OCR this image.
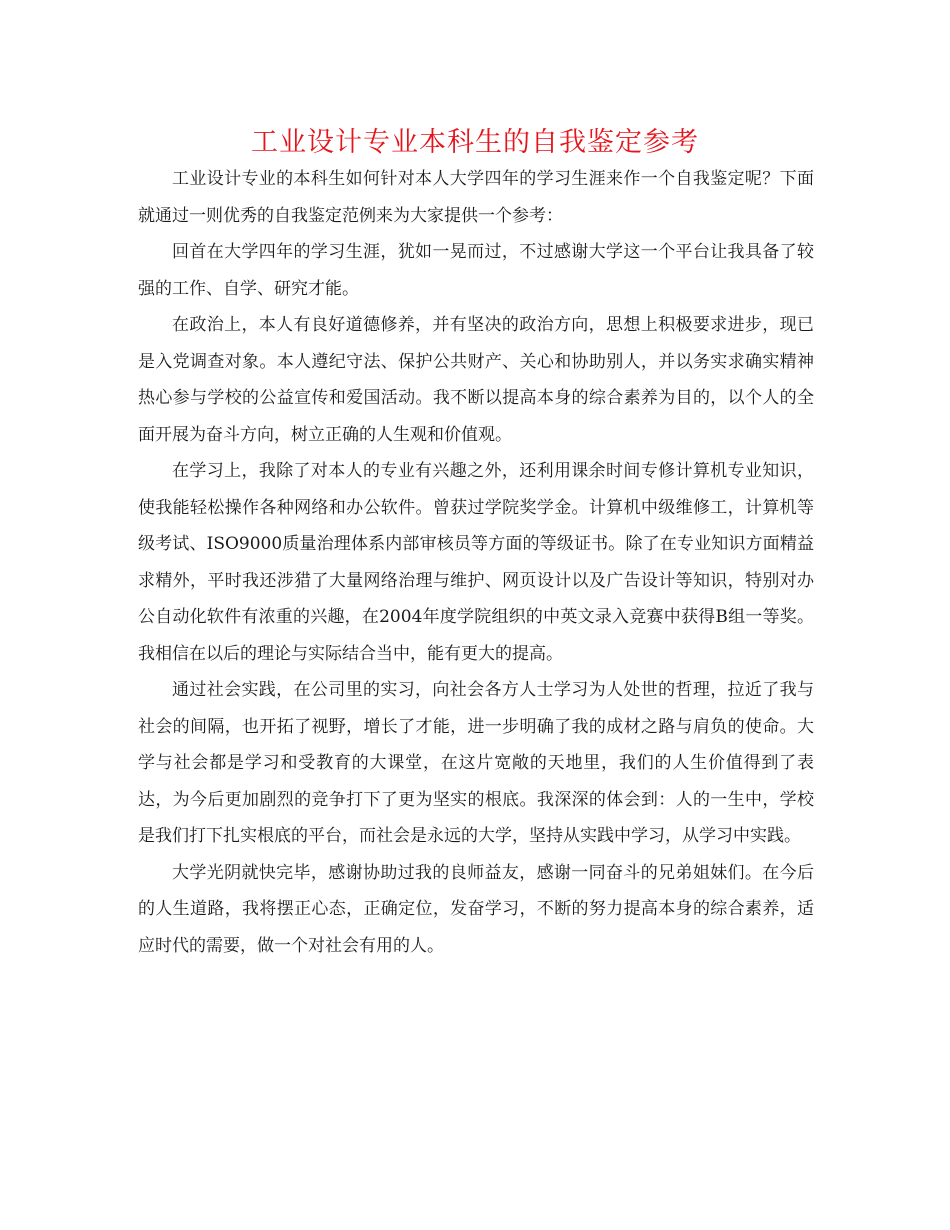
工业设计专业本科生的自我鉴定参考

工业设计专业的本科生如何针对本人大学四年的学习生涯来作一个自我鉴定呢？下面就通过一则优秀的自我鉴定范例来为大家提供一个参考：

回首在大学四年的学习生涯，犹如一晃而过，不过感谢大学这一个平台让我具备了较强的工作、自学、研究才能。

在政治上，本人有良好道德修养，并有坚决的政治方向，思想上积极要求进步，现已是入党调查对象。本人遵纪守法、保护公共财产、关心和协助别人，并以务实求确实精神热心参与学校的公益宣传和爱国活动。我不断以提高本身的综合素养为目的，以个人的全面开展为奋斗方向，树立正确的人生观和价值观。

在学习上，我除了对本人的专业有兴趣之外，还利用课余时间专修计算机专业知识，使我能轻松操作各种网络和办公软件。曾获过学院奖学金。计算机中级维修工，计算机等级考试、ISO9000质量治理体系内部审核员等方面的等级证书。除了在专业知识方面精益求精外，平时我还涉猎了大量网络治理与维护、网页设计以及广告设计等知识，特别对办公自动化软件有浓重的兴趣，在2004年度学院组织的中英文录入竞赛中获得B组一等奖。我相信在以后的理论与实际结合当中，能有更大的提高。

通过社会实践，在公司里的实习，向社会各方人士学习为人处世的哲理，拉近了我与社会的间隔，也开拓了视野，增长了才能，进一步明确了我的成材之路与肩负的使命。大学与社会都是学习和受教育的大课堂，在这片宽敞的天地里，我们的人生价值得到了表达，为今后更加剧烈的竞争打下了更为坚实的根底。我深深的体会到：人的一生中，学校是我们打下扎实根底的平台，而社会是永远的大学，坚持从实践中学习，从学习中实践。

大学光阴就快完毕，感谢协助过我的良师益友，感谢一同奋斗的兄弟姐妹们。在今后的人生道路，我将摆正心态，正确定位，发奋学习，不断的努力提高本身的综合素养，适应时代的需要，做一个对社会有用的人。
